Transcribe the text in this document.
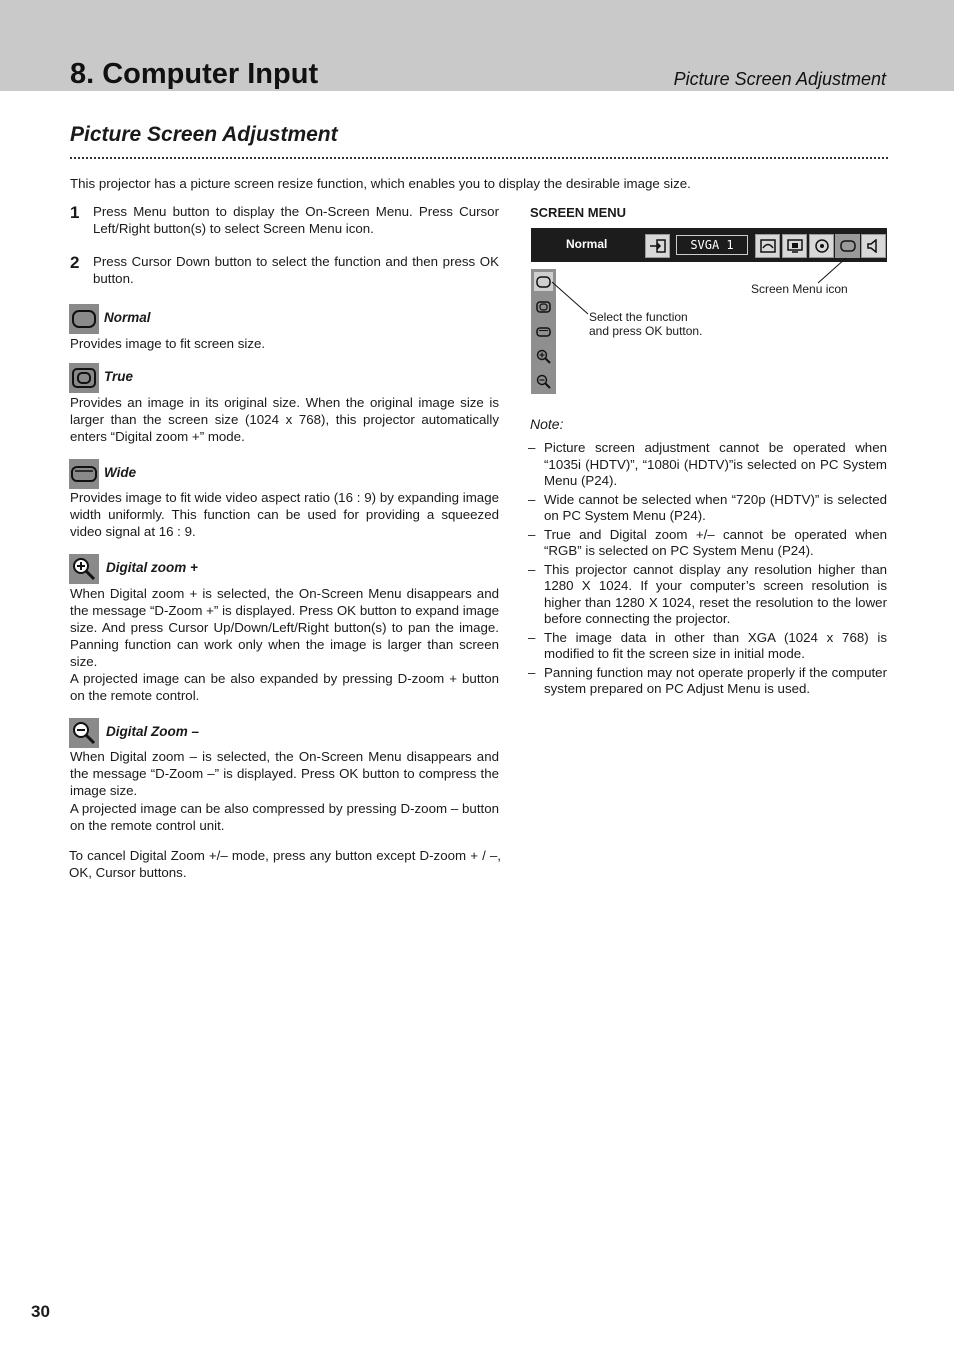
8. Computer Input	Picture Screen Adjustment
Picture Screen Adjustment
This projector has a picture screen resize function, which enables you to display the desirable image size.
1 Press Menu button to display the On-Screen Menu. Press Cursor Left/Right button(s) to select Screen Menu icon.
2 Press Cursor Down button to select the function and then press OK button.
Normal
Provides image to fit screen size.
True
Provides an image in its original size. When the original image size is larger than the screen size (1024 x 768), this projector automatically enters “Digital zoom +” mode.
Wide
Provides image to fit wide video aspect ratio (16 : 9) by expanding image width uniformly. This function can be used for providing a squeezed video signal at 16 : 9.
Digital zoom +
When Digital zoom + is selected, the On-Screen Menu disappears and the message “D-Zoom +” is displayed. Press OK button to expand image size. And press Cursor Up/Down/Left/Right button(s) to pan the image. Panning function can work only when the image is larger than screen size.
A projected image can be also expanded by pressing D-zoom + button on the remote control.
Digital Zoom –
When Digital zoom – is selected, the On-Screen Menu disappears and the message “D-Zoom –” is displayed. Press OK button to compress the image size.
A projected image can be also compressed by pressing D-zoom – button on the remote control unit.
To cancel Digital Zoom +/– mode, press any button except D-zoom + / –, OK, Cursor buttons.
SCREEN MENU
Normal	SVGA 1
Screen Menu icon
Select the function
and press OK button.
Note:
– Picture screen adjustment cannot be operated when “1035i (HDTV)”, “1080i (HDTV)”is selected on PC System Menu (P24).
– Wide cannot be selected when “720p (HDTV)” is selected on PC System Menu (P24).
– True and Digital zoom +/– cannot be operated when “RGB” is selected on PC System Menu (P24).
– This projector cannot display any resolution higher than 1280 X 1024. If your computer’s screen resolution is higher than 1280 X 1024, reset the resolution to the lower before connecting the projector.
– The image data in other than XGA (1024 x 768) is modified to fit the screen size in initial mode.
– Panning function may not operate properly if the computer system prepared on PC Adjust Menu is used.
30
